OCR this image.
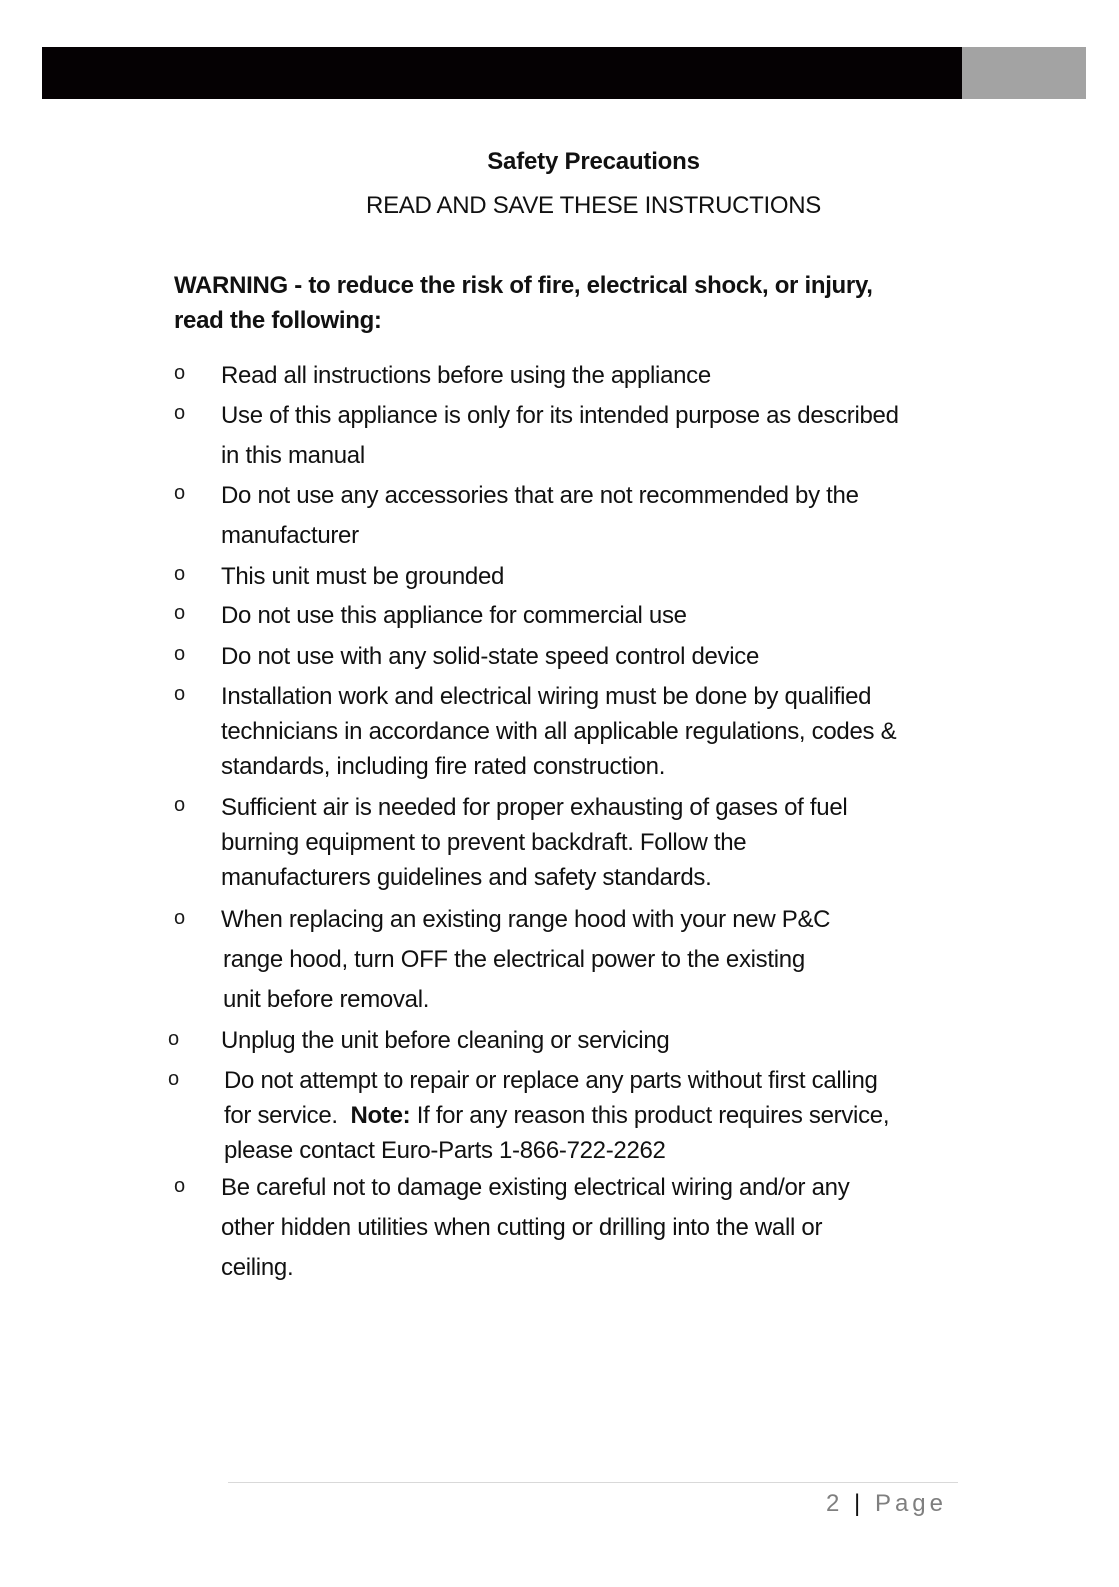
Safety Precautions
READ AND SAVE THESE INSTRUCTIONS
WARNING - to reduce the risk of fire, electrical shock, or injury,
read the following:
o Read all instructions before using the appliance
o Use of this appliance is only for its intended purpose as described
in this manual
o Do not use any accessories that are not recommended by the
manufacturer
o This unit must be grounded
o Do not use this appliance for commercial use
o Do not use with any solid-state speed control device
o Installation work and electrical wiring must be done by qualified
technicians in accordance with all applicable regulations, codes &
standards, including fire rated construction.
o Sufficient air is needed for proper exhausting of gases of fuel
burning equipment to prevent backdraft. Follow the
manufacturers guidelines and safety standards.
o When replacing an existing range hood with your new P&C
range hood, turn OFF the electrical power to the existing
unit before removal.
o Unplug the unit before cleaning or servicing
o Do not attempt to repair or replace any parts without first calling
for service.  Note: If for any reason this product requires service,
please contact Euro-Parts 1-866-722-2262
o Be careful not to damage existing electrical wiring and/or any
other hidden utilities when cutting or drilling into the wall or
ceiling.
2 | Page
